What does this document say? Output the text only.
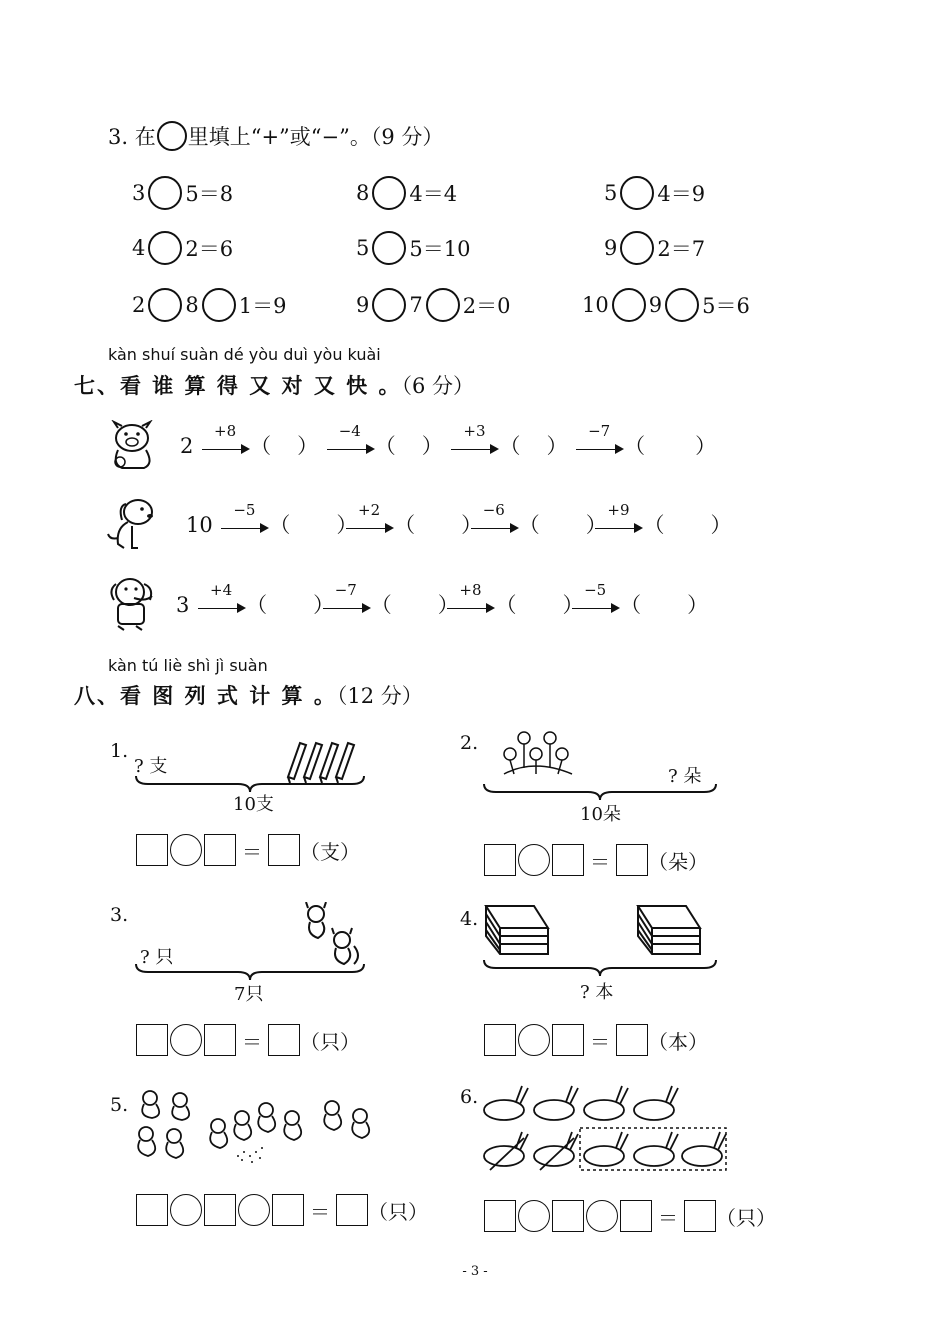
3. 在 里填上“+”或“−”。（9 分）
3 5＝8	8 4＝4	5 4＝9
4 2＝6	5 5＝10	9 2＝7
2 8 1＝9	9 7 2＝0	10 9 5＝6
kàn shuí suàn dé yòu duì yòu kuài
七、看 谁 算 得 又 对 又 快 。（6 分）
2
+8
（ ）
−4
（ ）
+3
（ ）
−7
（ ）
10
−5
（ ）
+2
（ ）
−6
（ ）
+9
（ ）
3
+4
（ ）
−7
（ ）
+8
（ ）
−5
（ ）
kàn tú liè shì jì suàn
八、看 图 列 式 计 算 。（12 分）
1.
? 支
10支
＝ （支）
2.
? 朵
10朵
＝ （朵）
3.
? 只
7只
＝ （只）
4.
? 本
＝ （本）
5.
＝ （只）
6.
＝ （只）
- 3 -
